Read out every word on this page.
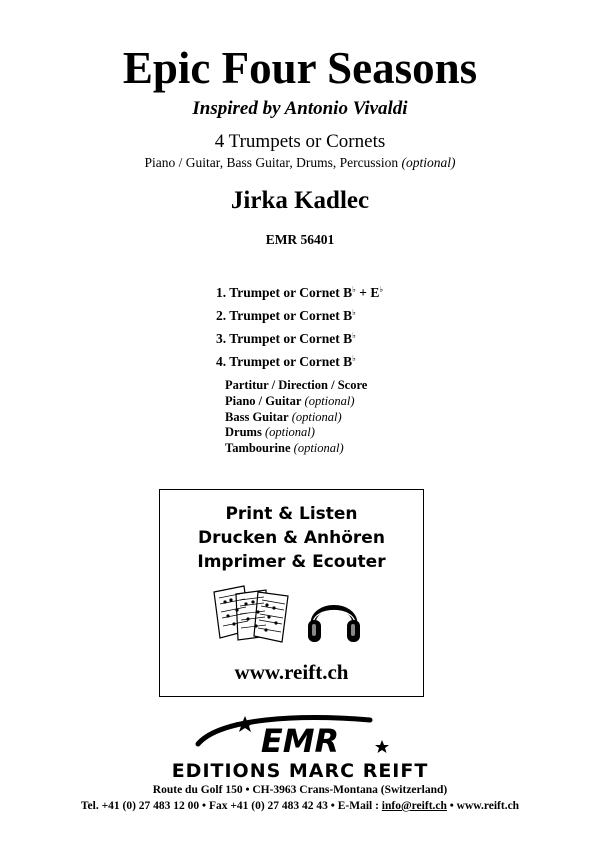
Epic Four Seasons
Inspired by Antonio Vivaldi
4 Trumpets or Cornets
Piano / Guitar, Bass Guitar, Drums, Percussion (optional)
Jirka Kadlec
EMR 56401
1. Trumpet or Cornet B♭ + E♭
2. Trumpet or Cornet B♭
3. Trumpet or Cornet B♭
4. Trumpet or Cornet B♭
Partitur / Direction / Score
Piano / Guitar (optional)
Bass Guitar (optional)
Drums (optional)
Tambourine (optional)
Print & Listen
Drucken & Anhören
Imprimer & Ecouter
www.reift.ch
EMR
EDITIONS MARC REIFT
Route du Golf 150 • CH-3963 Crans-Montana (Switzerland)
Tel. +41 (0) 27 483 12 00 • Fax +41 (0) 27 483 42 43 • E-Mail : info@reift.ch • www.reift.ch
